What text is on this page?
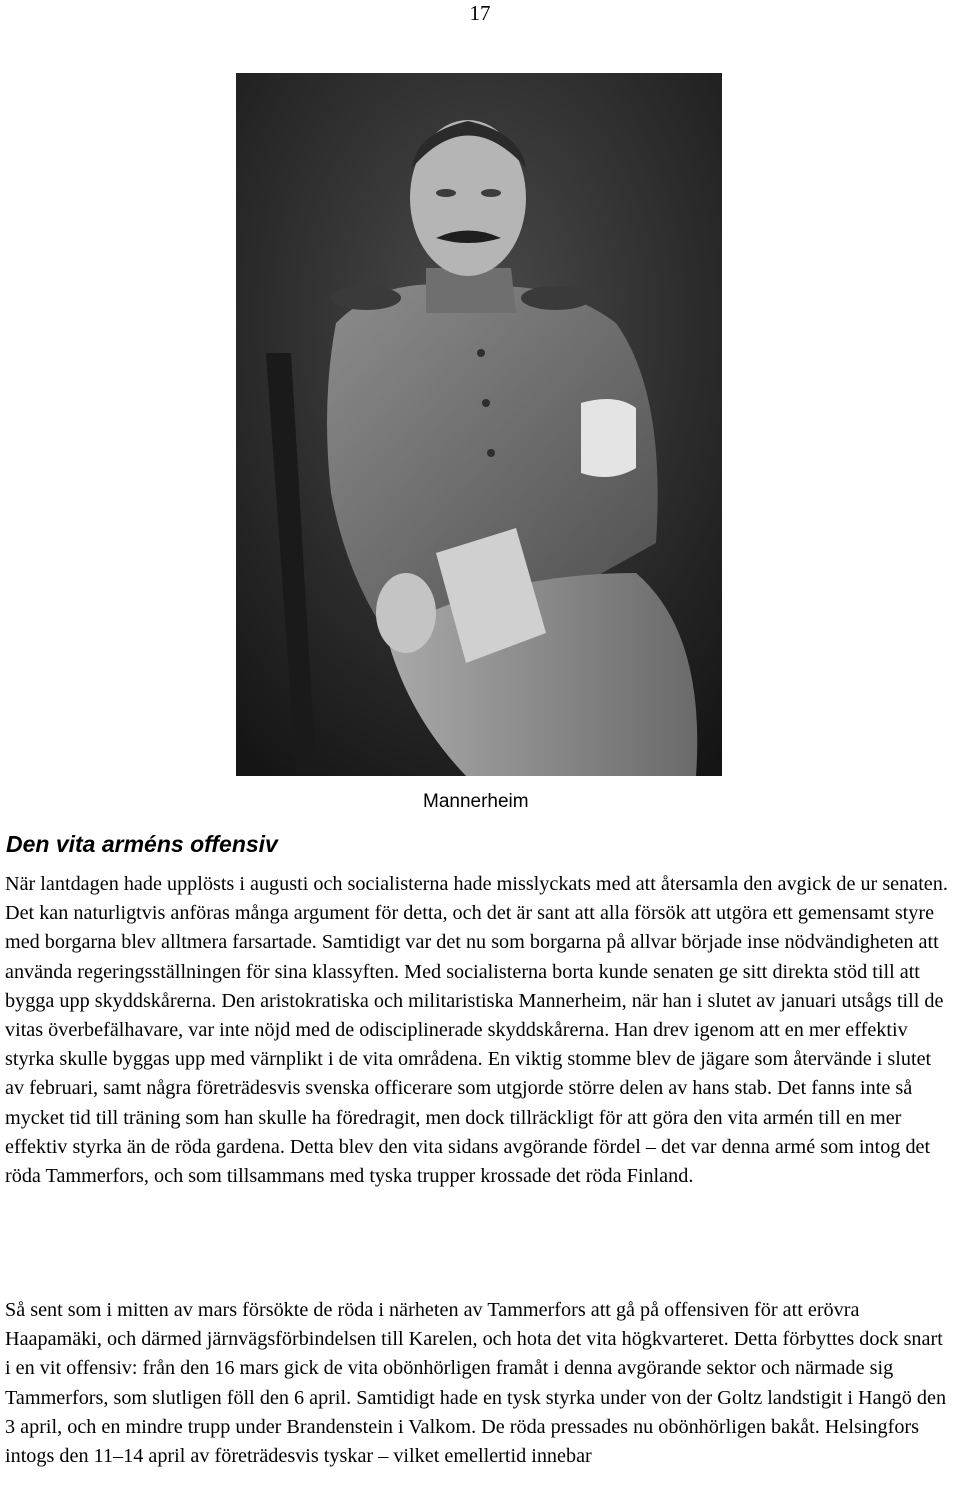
17
Mannerheim
Den vita arméns offensiv

När lantdagen hade upplösts i augusti och socialisterna hade misslyckats med att återsamla den avgick de ur senaten. Det kan naturligtvis anföras många argument för detta, och det är sant att alla försök att utgöra ett gemensamt styre med borgarna blev alltmera farsartade. Samtidigt var det nu som borgarna på allvar började inse nödvändigheten att använda regeringsställningen för sina klassyften. Med socialisterna borta kunde senaten ge sitt direkta stöd till att bygga upp skyddskårerna. Den aristokratiska och militaristiska Mannerheim, när han i slutet av januari utsågs till de vitas överbefälhavare, var inte nöjd med de odisciplinerade skyddskårerna. Han drev igenom att en mer effektiv styrka skulle byggas upp med värnplikt i de vita områdena. En viktig stomme blev de jägare som återvände i slutet av februari, samt några företrädesvis svenska officerare som utgjorde större delen av hans stab. Det fanns inte så mycket tid till träning som han skulle ha föredragit, men dock tillräckligt för att göra den vita armén till en mer effektiv styrka än de röda gardena. Detta blev den vita sidans avgörande fördel – det var denna armé som intog det röda Tammerfors, och som tillsammans med tyska trupper krossade det röda Finland.

Så sent som i mitten av mars försökte de röda i närheten av Tammerfors att gå på offensiven för att erövra Haapamäki, och därmed järnvägsförbindelsen till Karelen, och hota det vita högkvarteret. Detta förbyttes dock snart i en vit offensiv: från den 16 mars gick de vita obönhörligen framåt i denna avgörande sektor och närmade sig Tammerfors, som slutligen föll den 6 april. Samtidigt hade en tysk styrka under von der Goltz landstigit i Hangö den 3 april, och en mindre trupp under Brandenstein i Valkom. De röda pressades nu obönhörligen bakåt. Helsingfors intogs den 11–14 april av företrädesvis tyskar – vilket emellertid innebar
